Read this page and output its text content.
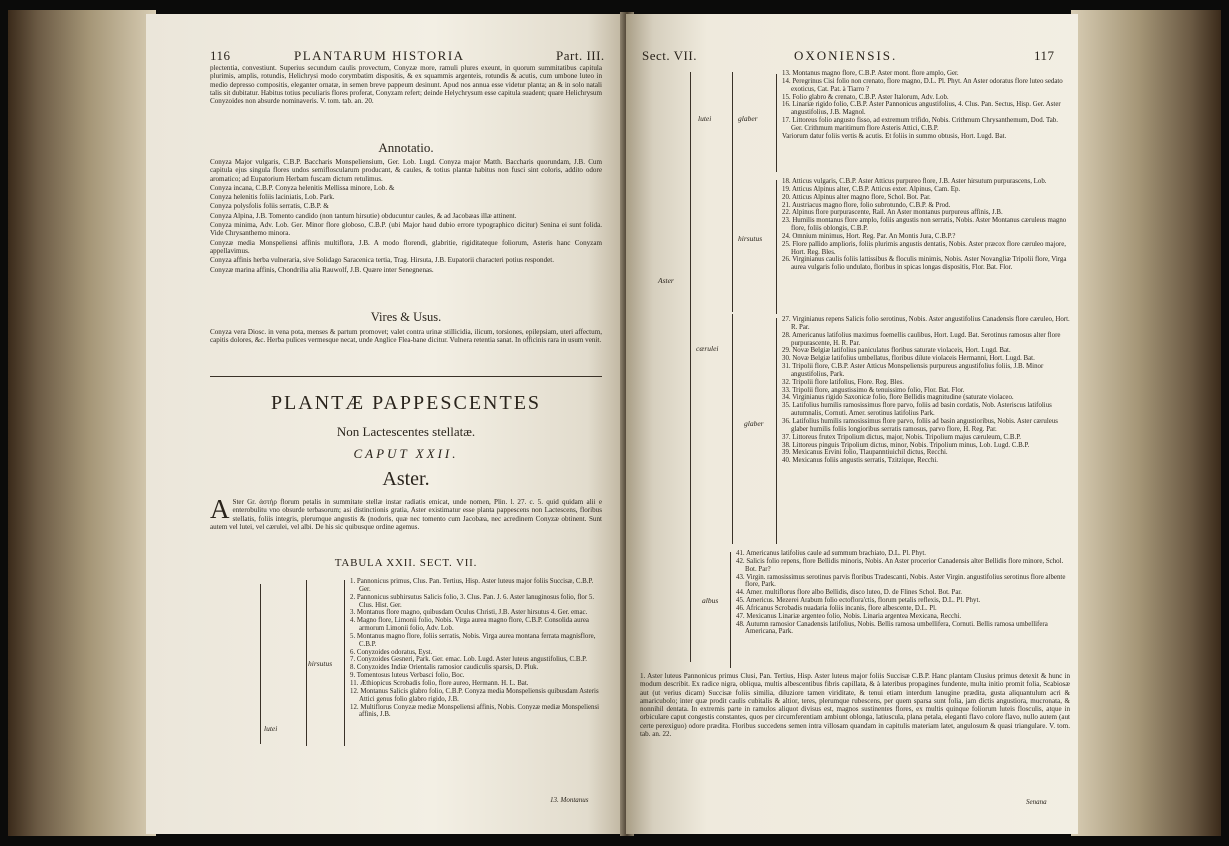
116	PLANTARUM HISTORIA	Part. III.
plectentia, convestiunt. Superius secundum caulis provectum, Conyzæ more, ramuli plures exeunt, in quorum summitatibus capitula plurimis, amplis, rotundis, Helichrysi modo corymbatim dispositis, & ex squammis argenteis, rotundis & acutis, cum umbone luteo in medio depresso compositis, eleganter ornatæ, in semen breve pappeum desinunt. Apud nos annua esse videtur planta; an & in solo natali talis sit dubitatur. Habitus totius peculiaris flores proferat, Conyzam refert; deinde Helychrysum esse capitula suadent; quare Helichrysum Conyzoides non absurde nominaveris. V. tom. tab. an. 20.
Annotatio.

Conyza Major vulgaris, C.B.P. Baccharis Monspeliensium, Ger. Lob. Lugd. Conyza major Matth. Baccharis quorundam, J.B. Cum capitula ejus singula flores undos semifloscularum producant, & caules, & totius plantæ habitus non fusci sint coloris, addito odore aromatico; ad Eupatorium Herbam fuscam dictum retulimus.

Conyza incana, C.B.P. Conyza helenitis Mellissa minore, Lob. &

Conyza helenitis foliis laciniatis, Lob. Park.

Conyza polysfolis foliis serratis, C.B.P. &

Conyza Alpina, J.B. Tomento candido (non tantum hirsutie) obducuntur caules, & ad Jacobæas illæ attinent.

Conyza minima, Adv. Lob. Ger. Minor flore globoso, C.B.P. (ubi Major haud dubio errore typographico dicitur) Senina ei sunt folida. Vide Chrysanthemo minora.

Conyzæ media Monspeliensi affinis multiflora, J.B. A modo florendi, glabritie, rigiditateque foliorum, Asteris hanc Conyzam appellavimus.

Conyza affinis herba vulneraria, sive Solidago Saracenica tertia, Trag. Hirsuta, J.B. Eupatorii characteri potius respondet.

Conyzæ marina affinis, Chondrilia alia Rauwolf, J.B. Quære inter Senegnenas.

Vires & Usus.
Conyza vera Diosc. in vena pota, menses & partum promovet; valet contra urinæ stillicidia, ilicum, torsiones, epilepsiam, uteri affectum, capitis dolores, &c. Herba pulices vermesque necat, unde Anglice Flea-bane dicitur. Vulnera retentia sanat. In officinis rara in usum venit.
PLANTÆ PAPPESCENTES
Non Lactescentes stellatæ.
CAPUT XXII.
Aster.
A Ster Gr. ἀστήρ florum petalis in summitate stellæ instar radiatis emicat, unde nomen, Plin. l. 27. c. 5. quid quidam alii e enterobulitu vno obsurde terbasorum; asi distinctionis gratia, Aster existimatur esse planta pappescens non Lactescens, floribus stellatis, foliis integris, plerumque angustis & (nodoris, quæ nec tomento cum Jacobæa, nec acredinem Conyzæ obtinent. Sunt autem vel lutei, vel cærulei, vel albi. De his sic quibusque ordine agemus.
TABULA XXII. SECT. VII.
lutei
hirsutus
1. Pannonicus primus, Clus. Pan. Tertius, Hisp. Aster luteus major foliis Succisæ, C.B.P. Ger.
2. Pannonicus subhirsutus Salicis folio, 3. Clus. Pan. J. 6. Aster lanuginosus folio, flor 5. Clus. Hist. Ger.
3. Montanus flore magno, quibusdam Oculus Christi, J.B. Aster hirsutus 4. Ger. emac.
4. Magno flore, Limonii folio, Nobis. Virga aurea magno flore, C.B.P. Consolida aurea armorum Limonii folio, Adv. Lob.
5. Montanus magno flore, foliis serratis, Nobis. Virga aurea montana ferrata magnisflore, C.B.P.
6. Conyzoides odoratus, Eyst.
7. Conyzoides Gesneri, Park. Ger. emac. Lob. Lugd. Aster luteus angustifolius, C.B.P.
8. Conyzoides Indiæ Orientalis ramosior caudiculis sparsis, D. Pluk.
9. Tomentosus luteus Verbasci folio, Boc.
11. Æthiopicus Scrobadis folio, flore aureo, Hermann. H. L. Bat.
12. Montanus Salicis glabro folio, C.B.P. Conyza media Monspeliensis quibusdam Asteris Attici genus folio glabro rigido, J.B.
12. Multiflorus Conyzæ mediæ Monspeliensi affinis, Nobis. Conyzæ mediæ Monspeliensi affinis, J.B.
13. Montanus
Sect. VII.	OXONIENSIS.	117
Aster
lutei	glaber
hirsutus
cærulei
glaber
albus
13. Montanus magno flore, C.B.P. Aster mont. flore amplo, Ger.
14. Peregrinus Cisi folio non crenato, flore magno, D.L. Pl. Phyt. An Aster odoratus flore luteo sedato exoticus, Cat. Pat. à Tiarro ?
15. Folio glabro & crenato, C.B.P. Aster Italorum, Adv. Lob.
16. Linariæ rigido folio, C.B.P. Aster Pannonicus angustifolius, 4. Clus. Pan. Sectus, Hisp. Ger. Aster angustifolius, J.B. Magnol.
17. Littoreus folio angusto fisso, ad extremum trifido, Nobis. Crithmum Chrysanthemum, Dod. Tab. Ger. Crithmum maritimum flore Asteris Attici, C.B.P.
Variorum datur foliis vertis & acutis. Et foliis in summo obtusis, Hort. Lugd. Bat.
18. Atticus vulgaris, C.B.P. Aster Atticus purpureo flore, J.B. Aster hirsutum purpurascens, Lob.
19. Atticus Alpinus alter, C.B.P. Atticus exter. Alpinus, Cam. Ep.
20. Atticus Alpinus alter magno flore, Schol. Bot. Par.
21. Austriacus magno flore, folio subrotundo, C.B.P. & Prod.
22. Alpinus flore purpurascente, Rail. An Aster montanus purpureus affinis, J.B.
23. Humilis montanus flore amplo, foliis angustis non serratis, Nobis. Aster Montanus cæruleus magno flore, foliis oblongis, C.B.P.
24. Omnium minimus, Hort. Reg. Par. An Montis Jura, C.B.P.?
25. Flore pallido amplioris, foliis plurimis angustis dentatis, Nobis. Aster præcox flore cæruleo majore, Hort. Reg. Bles.
26. Virginianus caulis foliis lattissibus & floculis minimis, Nobis. Aster Novangliæ Tripolii flore, Virga aurea vulgaris folio undulato, floribus in spicas longas dispositis, Flor. Bat. Flor.
27. Virginianus repens Salicis folio serotinus, Nobis. Aster angustifolius Canadensis flore cæruleo, Hort. R. Par.
28. Americanus latifolius maximus foemellis caulibus, Hort. Lugd. Bat. Serotinus ramosus alter flore purpurascente, H. R. Par.
29. Novæ Belgiæ latifolius paniculatus floribus saturate violaceis, Hort. Lugd. Bat.
30. Novæ Belgiæ latifolius umbellatus, floribus dilute violaceis Hermanni, Hort. Lugd. Bat.
31. Tripolii flore, C.B.P. Aster Atticus Monspeliensis purpureus angustifolius foliis, J.B. Minor angustifolius, Park.
32. Tripolii flore latifolius, Flore. Reg. Bles.
33. Tripolii flore, angustissimo & tenuissimo folio, Flor. Bat. Flor.
34. Virginianus rigido Saxonicæ folio, flore Bellidis magnitudine (saturate violaceo.
35. Latifolius humilis ramosissimus flore parvo, foliis ad basin cordatis, Nob. Asteriscus latifolius autumnalis, Cornuti. Amer. serotinus latifolius Park.
36. Latifolius humilis ramosissimus flore parvo, foliis ad basin angustioribus, Nobis. Aster cæruleus glaber humilis foliis longioribus serratis ramosus, parvo flore, H. Reg. Par.
37. Littoreus frutex Tripolium dictus, major, Nobis. Tripolium majus cæruleum, C.B.P.
38. Littoreus pinguis Tripolium dictus, minor, Nobis. Tripolium minus, Lob. Lugd. C.B.P.
39. Mexicanus Ervini folio, Tlaupanntiuichil dictus, Recchi.
40. Mexicanus foliis angustis serratis, Tzitzique, Recchi.
41. Americanus latifolius caule ad summum brachiato, D.L. Pl. Phyt.
42. Salicis folio repens, flore Bellidis minoris, Nobis. An Aster procerior Canadensis alter Bellidis flore minore, Schol. Bot. Par?
43. Virgin. ramosissimus serotinus parvis floribus Tradescanti, Nobis. Aster Virgin. angustifolius serotinus flore albente flore, Park.
44. Amer. multiflorus flore albo Bellidis, disco luteo, D. de Flines Schol. Bot. Par.
45. Americus. Mezerei Arabum folio ectoflora'ctis, florum petalis reflexis, D.L. Pl. Phyt.
46. Africanus Scrobadis nuadaria foliis incanis, flore albescente, D.L. Pl.
47. Mexicanus Linariæ argenteo folio, Nobis. Linaria argentea Mexicana, Recchi.
48. Autumn ramosior Canadensis latifolius, Nobis. Bellis ramosa umbellifera, Cornuti. Bellis ramosa umbellifera Americana, Park.
1. Aster luteus Pannonicus primus Clusi, Pan. Tertius, Hisp. Aster luteus major foliis Succisæ C.B.P. Hanc plantam Clusius primus detexit & hunc in modum describit. Ex radice nigra, obliqua, multis albescentibus fibris capillata, & à lateribus propagines fundente, multa initio promit folia, Scabiosæ aut (ut verius dicam) Succisæ foliis similia, diluziore tamen viriditate, & tenui etiam interdum lanugine prædita, gusta aliquantulum acri & amaricubolo; inter quæ prodit caulis cubitalis & altior, teres, plerumque rubescens, per quem sparsa sunt folia, jam dictis angustiora, mucronata, & nonnihil dentata. In extremis parte in ramulos aliquot divisus est, magnos sustinentes flores, ex multis quinque foliorum luteis flosculis, atque in orbiculare caput congestis constantes, quos per circumferentiam ambiunt oblonga, latiuscula, plana petala, eleganti flavo colore flavo, nullo autem (aut certe perexiguo) odore prædita. Floribus succedens semen intra villosam quandam in capitulis materiam latet, angulosum & quasi triangulare. V. tom. tab. an. 22.
Senana
